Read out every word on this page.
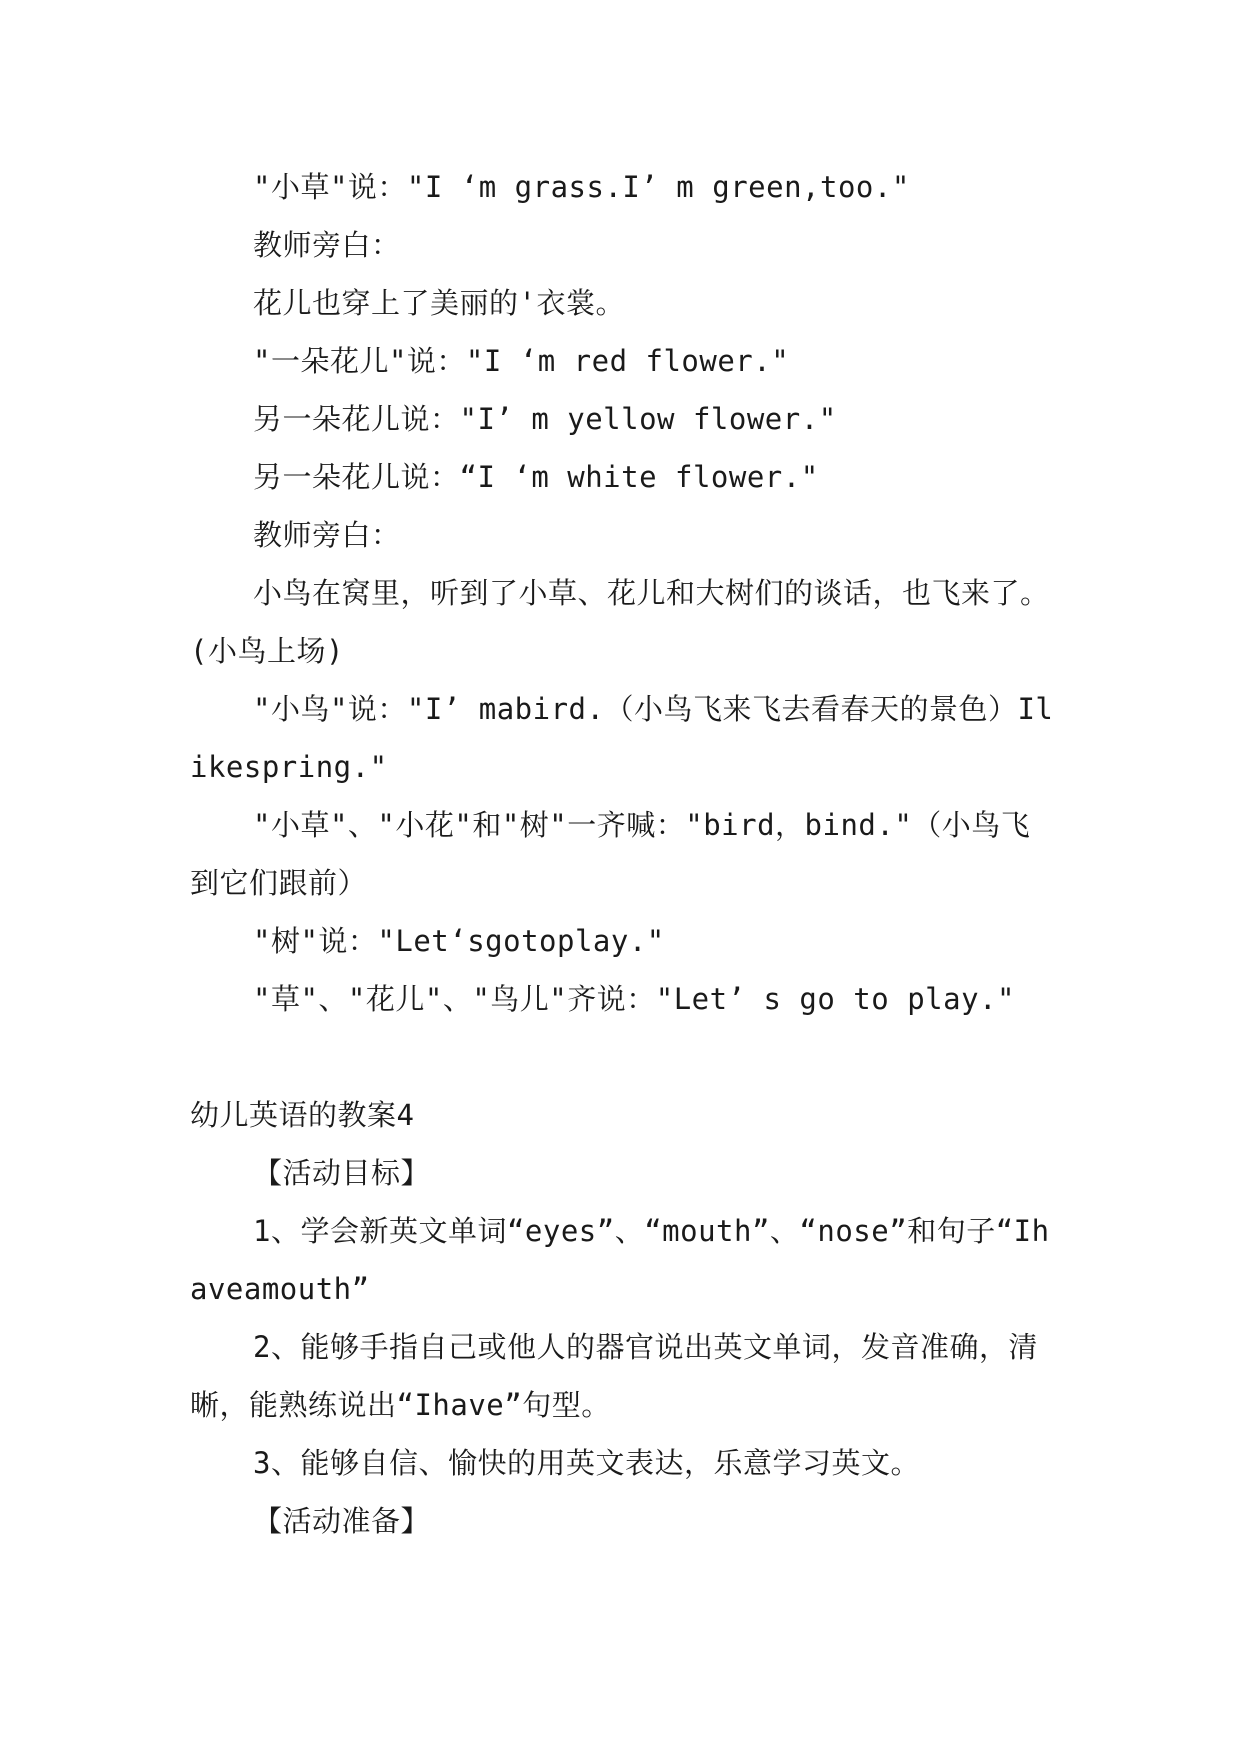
"小草"说："I ‘m grass.I’ m green,too."

教师旁白：

花儿也穿上了美丽的'衣裳。

"一朵花儿"说："I ‘m red flower."

另一朵花儿说："I’ m yellow flower."

另一朵花儿说：“I ‘m white flower."

教师旁白：

小鸟在窝里，听到了小草、花儿和大树们的谈话，也飞来了。(小鸟上场)

"小鸟"说："I’ mabird.（小鸟飞来飞去看春天的景色）Ilikespring."

"小草"、"小花"和"树"一齐喊："bird，bind."（小鸟飞到它们跟前）

"树"说："Let‘sgotoplay."

"草"、"花儿"、"鸟儿"齐说："Let’ s go to play."

幼儿英语的教案4

【活动目标】

1、学会新英文单词“eyes”、“mouth”、“nose”和句子“Ihaveamouth”

2、能够手指自己或他人的器官说出英文单词，发音准确，清晰，能熟练说出“Ihave”句型。

3、能够自信、愉快的用英文表达，乐意学习英文。

【活动准备】
